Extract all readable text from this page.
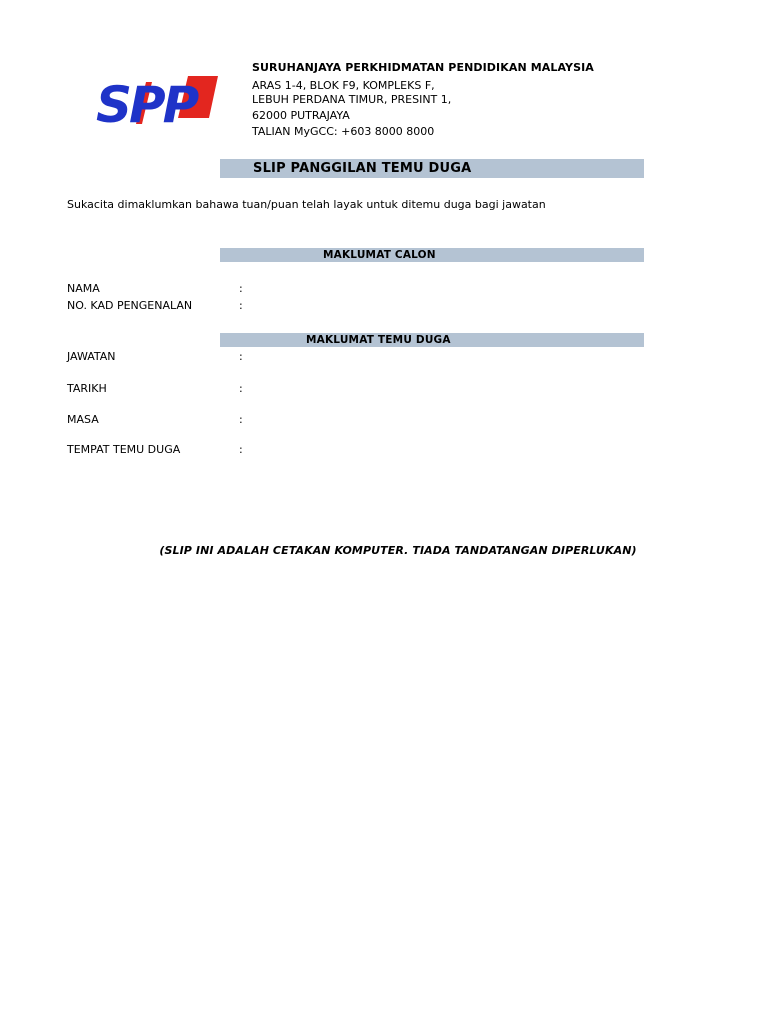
SPP
SURUHANJAYA PERKHIDMATAN PENDIDIKAN MALAYSIA
ARAS 1-4, BLOK F9, KOMPLEKS F,
LEBUH PERDANA TIMUR, PRESINT 1,
62000 PUTRAJAYA
TALIAN MyGCC: +603 8000 8000
SLIP PANGGILAN TEMU DUGA
Sukacita dimaklumkan bahawa tuan/puan telah layak untuk ditemu duga bagi jawatan
MAKLUMAT CALON
NAMA	:
NO. KAD PENGENALAN	:
MAKLUMAT TEMU DUGA
JAWATAN	:
TARIKH	:
MASA	:
TEMPAT TEMU DUGA	:
(SLIP INI ADALAH CETAKAN KOMPUTER. TIADA TANDATANGAN DIPERLUKAN)
